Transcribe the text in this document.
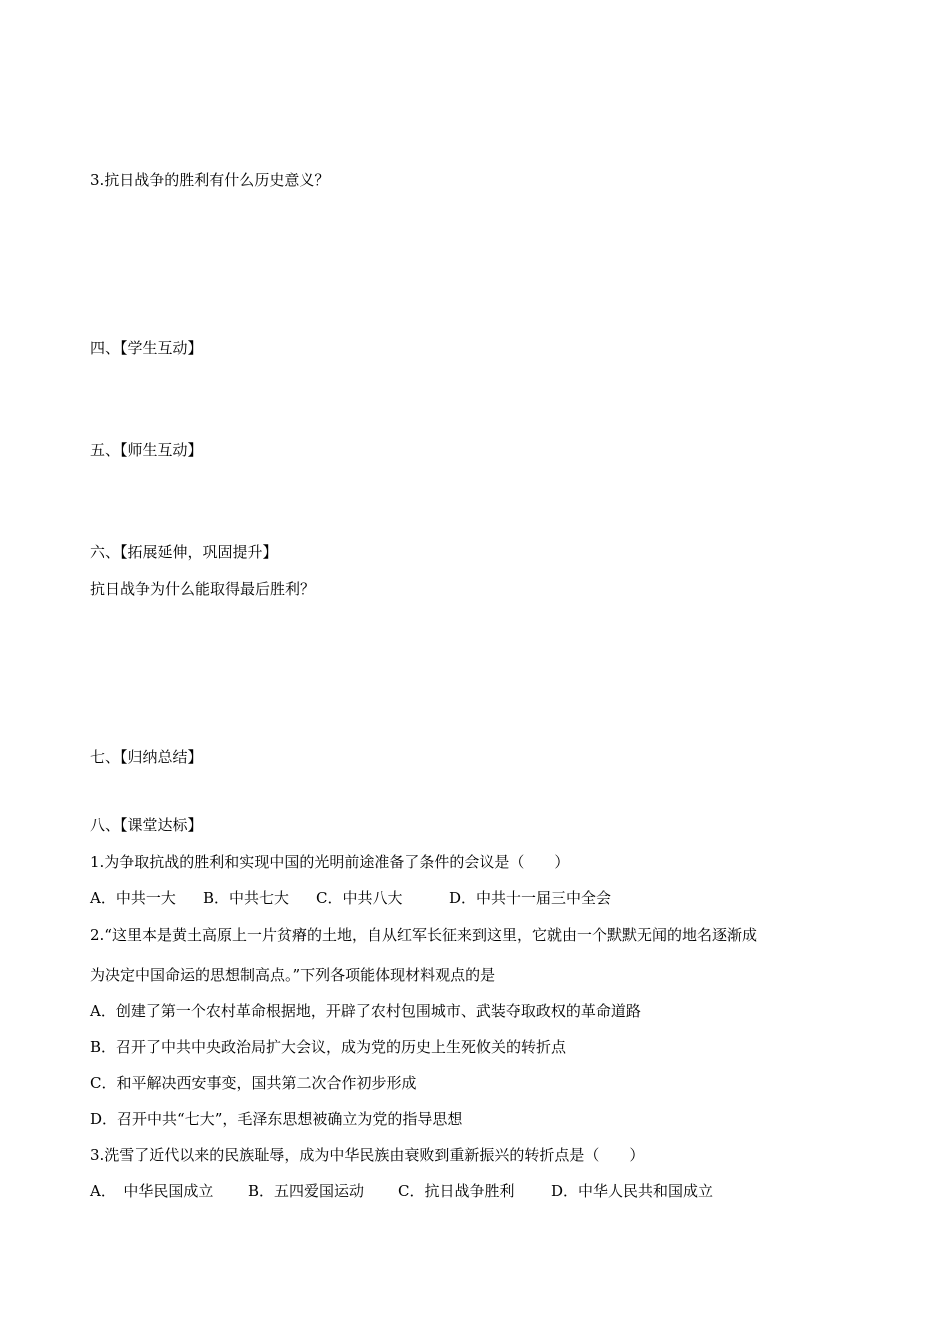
3.抗日战争的胜利有什么历史意义？
四、【学生互动】
五、【师生互动】
六、【拓展延伸，巩固提升】
抗日战争为什么能取得最后胜利？
七、【归纳总结】
八、【课堂达标】
1.为争取抗战的胜利和实现中国的光明前途准备了条件的会议是（　　）
A．中共一大 B．中共七大 C．中共八大	D．中共十一届三中全会
2.“这里本是黄土高原上一片贫瘠的土地，自从红军长征来到这里，它就由一个默默无闻的地名逐渐成
为决定中国命运的思想制高点。”下列各项能体现材料观点的是
A．创建了第一个农村革命根据地，开辟了农村包围城市、武装夺取政权的革命道路
B．召开了中共中央政治局扩大会议，成为党的历史上生死攸关的转折点
C．和平解决西安事变，国共第二次合作初步形成
D．召开中共“七大”，毛泽东思想被确立为党的指导思想
3.洗雪了近代以来的民族耻辱，成为中华民族由衰败到重新振兴的转折点是（　　）
A．　中华民国成立 B．五四爱国运动 C．抗日战争胜利 D．中华人民共和国成立
